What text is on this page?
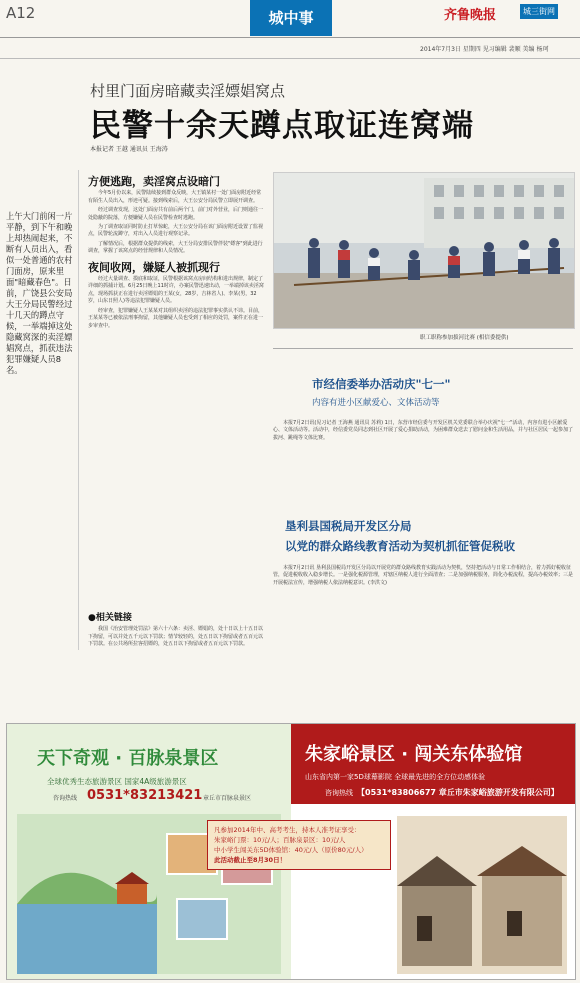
A12	城中事	齐鲁晚报	城三街网
2014年7月3日 星期四 见习编辑 裴顺 美编 杨珂
村里门面房暗藏卖淫嫖娼窝点
民警十余天蹲点取证连窝端
本报记者 王越 通讯员 王海涛
上午大门前闲一片平静，到下午和晚上却热闹起来，不断有人员出入，看似一处普通的农村门面房，原来里面"暗藏春色"。日前，广饶县公安局大王分局民警经过十几天的蹲点守候，一举端掉这处隐藏窝深的卖淫嫖娼窝点，抓获违法犯罪嫌疑人员8名。
方便逃跑，卖淫窝点设暗门

今年5月份以来，民警陆续接到群众反映，大王镇某村一处门面房附近经常有陌生人员出入，形迹可疑。接到线索后，大王公安分局民警立即展开调查。

经过调查发现，这处门面房共有前后两个门，前门对外营业，后门则通往一处隐蔽的院落，方便嫌疑人员在民警检查时逃跑。

为了调查取证同时防止打草惊蛇，大王公安分局在该门面房附近设置了监视点，民警轮流蹲守，对出入人员进行观察记录。

了解情况后，根据群众提供的线索，大王分局安排民警伴装"嫖客"到此进行调查，掌握了该窝点的经营规律和人员情况。

夜间收网，嫌疑人被抓现行

经过大量调查、摸底和取证，民警根据该窝点房间结构和进出规律，制定了详细的抓捕计划。6月25日晚上11时许，办案民警迅速出动，一举端掉该卖淫窝点，现场抓获正在进行卖淫嫖娼的王某(女，28岁，吉林省人)、李某(男，32岁，山东日照人)等违法犯罪嫌疑人员。

经审查，犯罪嫌疑人王某某对其组织卖淫的违法犯罪事实供认不讳。目前，王某某等已被依法刑事拘留，其他嫌疑人员也受到了相应的处罚，案件正在进一步审查中。

●相关链接

我国《治安管理处罚法》第六十六条：卖淫、嫖娼的，处十日以上十五日以下拘留，可以并处五千元以下罚款；情节较轻的，处五日以下拘留或者五百元以下罚款。在公共场所拉客招嫖的，处五日以下拘留或者五百元以下罚款。

职工职称参加拔河比赛 (相信委提供)
市经信委举办活动庆"七一"
内容有进小区献爱心、文体活动等

本报7月2日讯(见习记者 王海燕 通讯员 苏莉) 1日，东营市经信委与开发区机关党委联合举办庆祝"七一"活动，内容有进小区献爱心、文体活动等。活动中，经信委党员同志到社区开展了爱心捐助活动，为困难群众送去了慰问金和生活用品，并与社区居民一起参加了拔河、跳绳等文体比赛。

垦利县国税局开发区分局
以党的群众路线教育活动为契机抓征管促税收

本报7月2日讯 垦利县国税局开发区分局以开展党的群众路线教育实践活动为契机，坚持把活动与日常工作相结合，着力抓好税收征管，促进税收收入稳步增长。一是强化税源管理，对辖区纳税人进行全面清查；二是加强纳税服务，简化办税流程，提高办税效率；三是开展税法宣传，增强纳税人依法纳税意识。(李洪文)

天下奇观 · 百脉泉景区
全球优秀生态旅游景区 国家4A级旅游景区
咨询热线 0531*83213421 章丘市百脉泉景区
朱家峪景区 · 闯关东体验馆
山东省内第一家5D球幕影院 全球最先进的全方位动感体验
咨询热线 【0531*83806677 章丘市朱家峪旅游开发有限公司】
凡参加2014年中、高考考生，持本人准考证享受：
朱家峪门票：10元/人；百脉泉景区：10元/人
中小学生闯关东5D体验馆：40元/人（原价80元/人）
此活动截止至8月30日！
